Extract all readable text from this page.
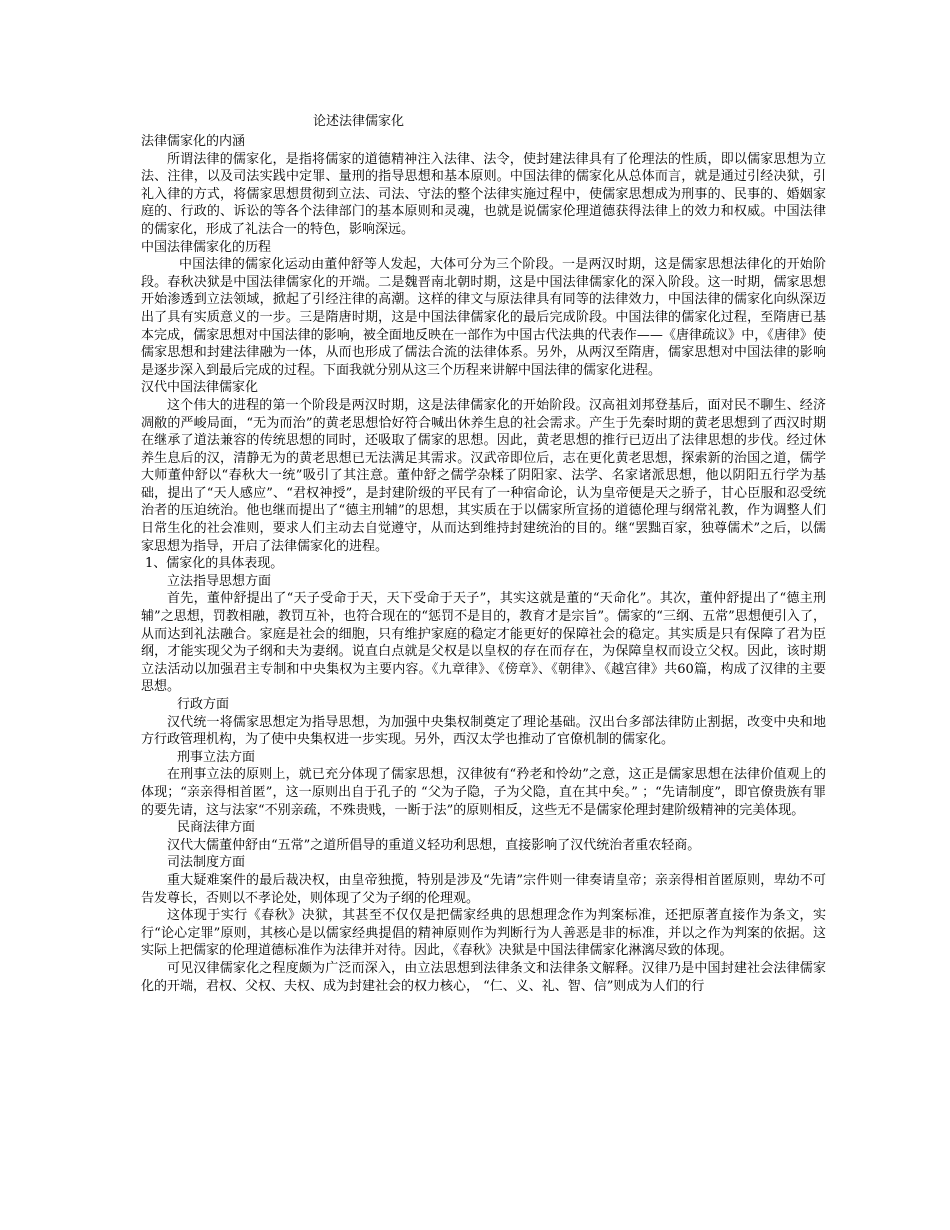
论述法律儒家化
法律儒家化的内涵
所谓法律的儒家化，是指将儒家的道德精神注入法律、法令，使封建法律具有了伦理法的性质，即以儒家思想为立法、注律，以及司法实践中定罪、量刑的指导思想和基本原则。中国法律的儒家化从总体而言，就是通过引经决狱，引礼入律的方式，将儒家思想贯彻到立法、司法、守法的整个法律实施过程中，使儒家思想成为刑事的、民事的、婚姻家庭的、行政的、诉讼的等各个法律部门的基本原则和灵魂，也就是说儒家伦理道德获得法律上的效力和权威。中国法律的儒家化，形成了礼法合一的特色，影响深远。
中国法律儒家化的历程
中国法律的儒家化运动由董仲舒等人发起，大体可分为三个阶段。一是两汉时期，这是儒家思想法律化的开始阶段。春秋决狱是中国法律儒家化的开端。二是魏晋南北朝时期，这是中国法律儒家化的深入阶段。这一时期，儒家思想开始渗透到立法领域，掀起了引经注律的高潮。这样的律文与原法律具有同等的法律效力，中国法律的儒家化向纵深迈出了具有实质意义的一步。三是隋唐时期，这是中国法律儒家化的最后完成阶段。中国法律的儒家化过程，至隋唐已基本完成，儒家思想对中国法律的影响，被全面地反映在一部作为中国古代法典的代表作——《唐律疏议》中，《唐律》使儒家思想和封建法律融为一体，从而也形成了儒法合流的法律体系。另外，从两汉至隋唐，儒家思想对中国法律的影响是逐步深入到最后完成的过程。下面我就分别从这三个历程来讲解中国法律的儒家化进程。
汉代中国法律儒家化
这个伟大的进程的第一个阶段是两汉时期，这是法律儒家化的开始阶段。汉高祖刘邦登基后，面对民不聊生、经济凋敝的严峻局面，“无为而治”的黄老思想恰好符合喊出休养生息的社会需求。产生于先秦时期的黄老思想到了西汉时期在继承了道法兼容的传统思想的同时，还吸取了儒家的思想。因此，黄老思想的推行已迈出了法律思想的步伐。经过休养生息后的汉，清静无为的黄老思想已无法满足其需求。汉武帝即位后，志在更化黄老思想，探索新的治国之道，儒学大师董仲舒以“春秋大一统”吸引了其注意。董仲舒之儒学杂糅了阴阳家、法学、名家诸派思想，他以阴阳五行学为基础，提出了“天人感应”、“君权神授”，是封建阶级的平民有了一种宿命论，认为皇帝便是天之骄子，甘心臣服和忍受统治者的压迫统治。他也继而提出了“德主刑辅”的思想，其实质在于以儒家所宣扬的道德伦理与纲常礼教，作为调整人们日常生化的社会准则，要求人们主动去自觉遵守，从而达到维持封建统治的目的。继“罢黜百家，独尊儒术”之后，以儒家思想为指导，开启了法律儒家化的进程。
1、儒家化的具体表现。
立法指导思想方面
首先，董仲舒提出了“天子受命于天，天下受命于天子”，其实这就是董的“天命化”。其次，董仲舒提出了“德主刑辅”之思想，罚教相融，教罚互补，也符合现在的“惩罚不是目的，教育才是宗旨”。儒家的“三纲、五常”思想便引入了，从而达到礼法融合。家庭是社会的细胞，只有维护家庭的稳定才能更好的保障社会的稳定。其实质是只有保障了君为臣纲，才能实现父为子纲和夫为妻纲。说直白点就是父权是以皇权的存在而存在，为保障皇权而设立父权。因此，该时期立法活动以加强君主专制和中央集权为主要内容。《九章律》、《傍章》、《朝律》、《越宫律》共60篇，构成了汉律的主要思想。
行政方面
汉代统一将儒家思想定为指导思想，为加强中央集权制奠定了理论基础。汉出台多部法律防止割据，改变中央和地方行政管理机构，为了使中央集权进一步实现。另外，西汉太学也推动了官僚机制的儒家化。
刑事立法方面
在刑事立法的原则上，就已充分体现了儒家思想，汉律彼有“矜老和怜幼”之意，这正是儒家思想在法律价值观上的体现；“亲亲得相首匿”，这一原则出自于孔子的 “父为子隐，子为父隐，直在其中矣。” ；“先请制度”，即官僚贵族有罪的要先请，这与法家“不别亲疏，不殊贵贱，一断于法”的原则相反，这些无不是儒家伦理封建阶级精神的完美体现。
民商法律方面
汉代大儒董仲舒由“五常”之道所倡导的重道义轻功利思想，直接影响了汉代统治者重农轻商。
司法制度方面
重大疑难案件的最后裁决权，由皇帝独揽，特别是涉及“先请”宗件则一律奏请皇帝；亲亲得相首匿原则，卑幼不可告发尊长，否则以不孝论处，则体现了父为子纲的伦理观。
这体现于实行《春秋》决狱，其甚至不仅仅是把儒家经典的思想理念作为判案标准，还把原著直接作为条文，实行“论心定罪”原则，其核心是以儒家经典提倡的精神原则作为判断行为人善恶是非的标准，并以之作为判案的依据。这实际上把儒家的伦理道德标准作为法律并对待。因此，《春秋》决狱是中国法律儒家化淋漓尽致的体现。
可见汉律儒家化之程度颇为广泛而深入，由立法思想到法律条文和法律条文解释。汉律乃是中国封建社会法律儒家化的开端，君权、父权、夫权、成为封建社会的权力核心， “仁、义、礼、智、信”则成为人们的行
